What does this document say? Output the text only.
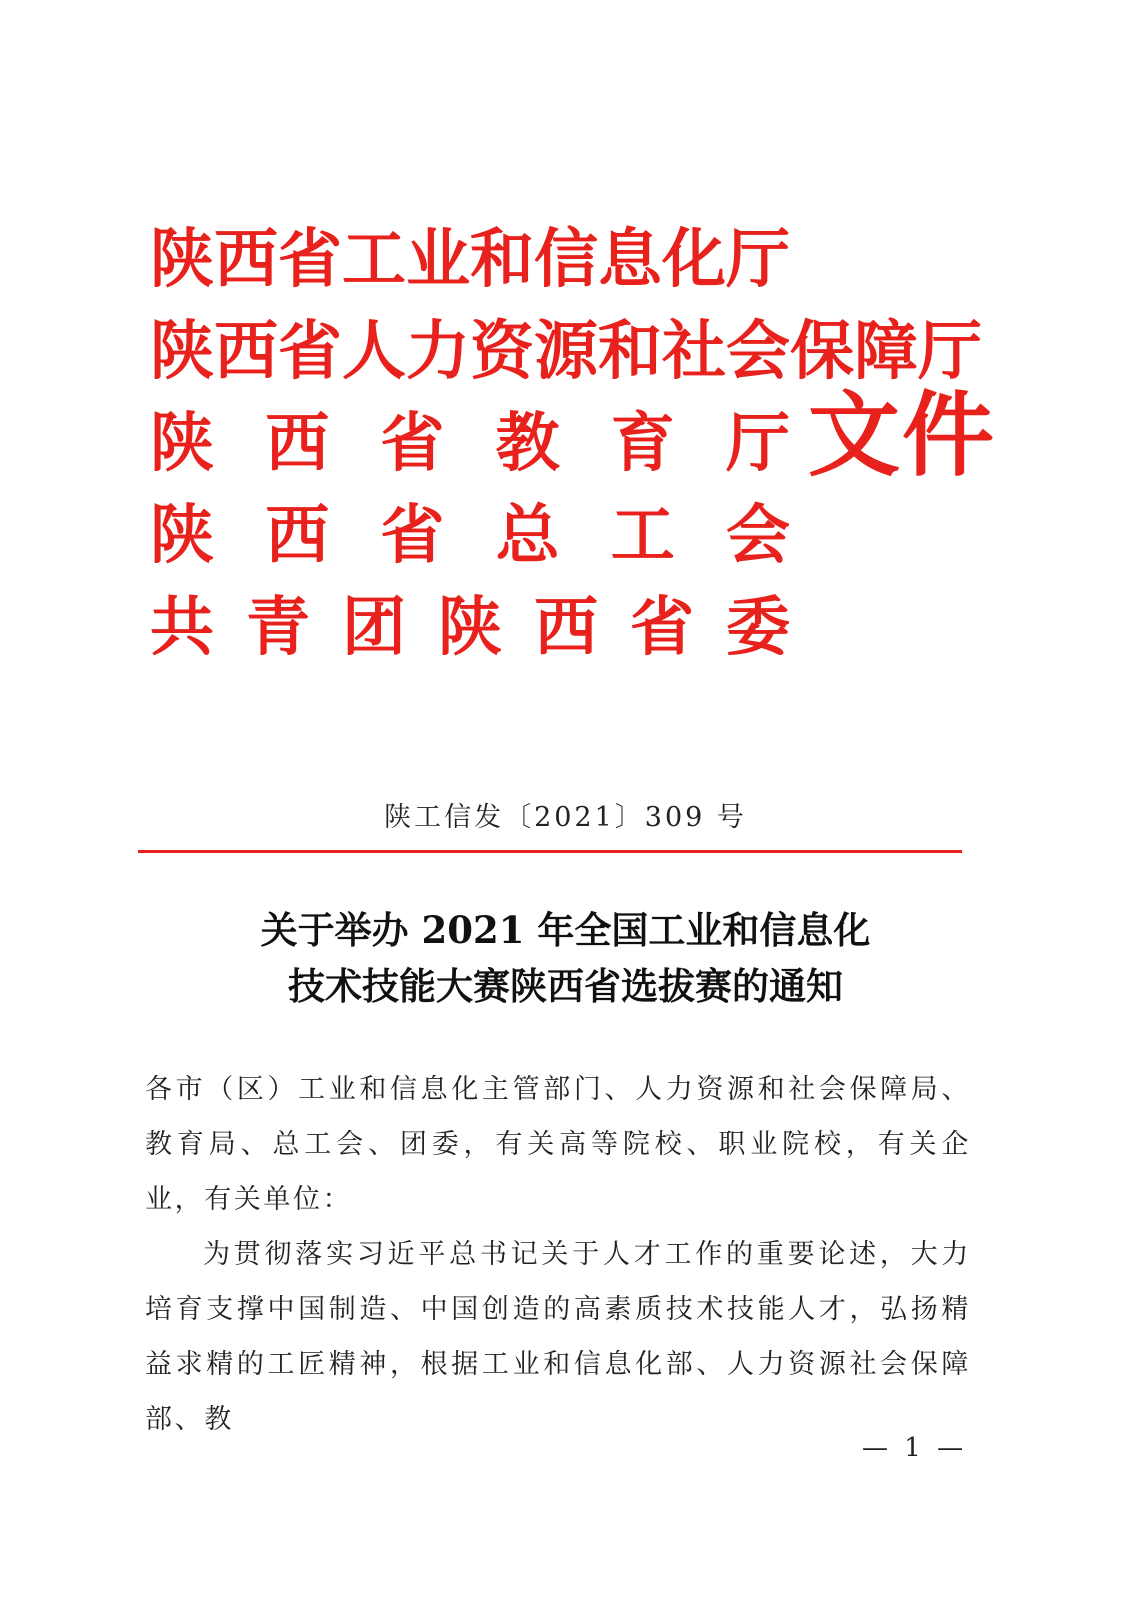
陕 西 省 工 业 和 信 息 化 厅
陕 西 省 人 力 资 源 和 社 会 保 障 厅
陕 西 省 教 育 厅
陕 西 省 总 工 会
共 青 团 陕 西 省 委
文件
陕工信发〔2021〕309 号
关于举办 2021 年全国工业和信息化
技术技能大赛陕西省选拔赛的通知

各市（区）工业和信息化主管部门、人力资源和社会保障局、教育局、总工会、团委，有关高等院校、职业院校，有关企业，有关单位：

为贯彻落实习近平总书记关于人才工作的重要论述，大力培育支撑中国制造、中国创造的高素质技术技能人才，弘扬精益求精的工匠精神，根据工业和信息化部、人力资源社会保障部、教

— 1 —
